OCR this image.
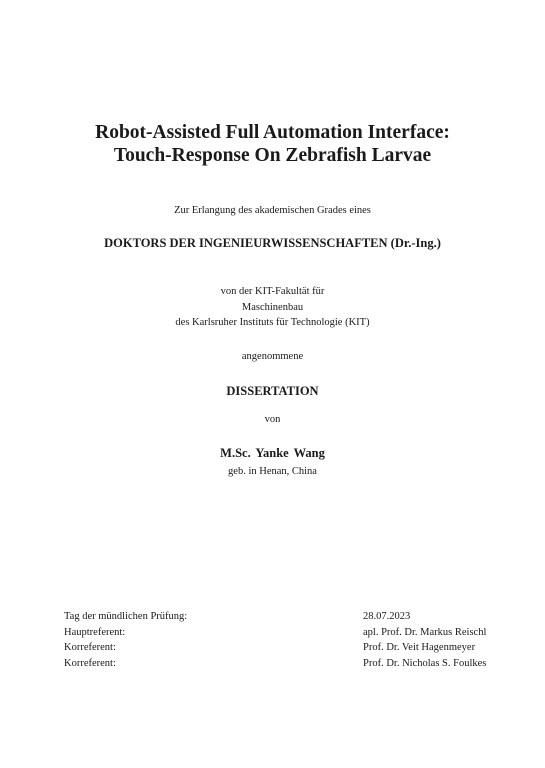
Robot-Assisted Full Automation Interface:
Touch-Response On Zebrafish Larvae
Zur Erlangung des akademischen Grades eines
DOKTORS DER INGENIEURWISSENSCHAFTEN (Dr.-Ing.)
von der KIT-Fakultät für
Maschinenbau
des Karlsruher Instituts für Technologie (KIT)
angenommene
DISSERTATION
von
M.Sc. Yanke Wang
geb. in Henan, China
Tag der mündlichen Prüfung:	28.07.2023
Hauptreferent:	apl. Prof. Dr. Markus Reischl
Korreferent:	Prof. Dr. Veit Hagenmeyer
Korreferent:	Prof. Dr. Nicholas S. Foulkes
